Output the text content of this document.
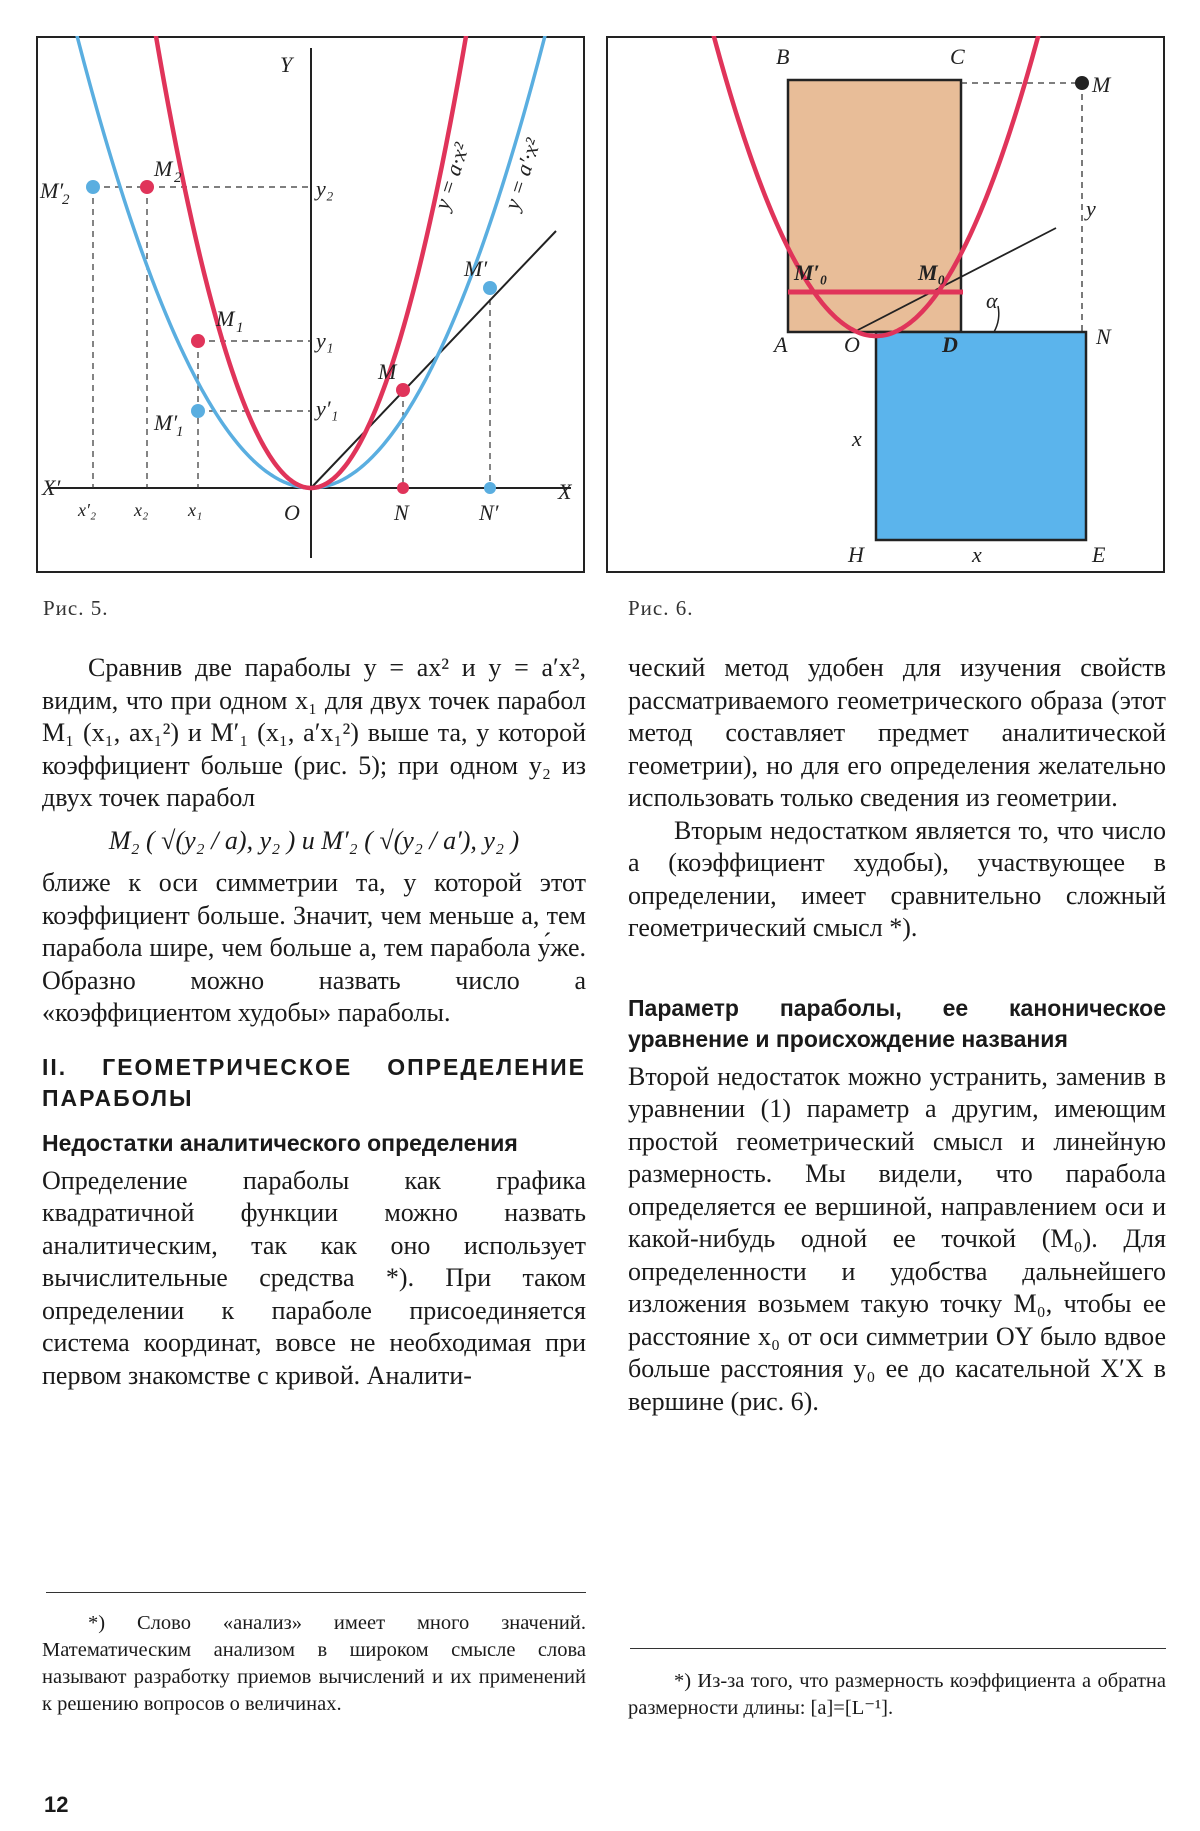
Y
X
X′
O	N	N′
M
M′
M 1
M′
1
M 2
M′
2	y₂
y₁
y′₁
x′₂ x₂ x₁
y = a·x² y = a′·x²
Рис. 5.
B	C
M
y
M′₀	M₀
α
A	O	D	N
x
H	x	E
Рис. 6.

Сравнив две параболы y = ax² и y = a′x², видим, что при одном x₁ для двух точек парабол M₁ (x₁, ax₁²) и M′₁ (x₁, a′x₁²) выше та, у которой коэффициент больше (рис. 5); при одном y₂ из двух точек парабол

M₂ ( √(y₂ / a), y₂ ) и M′₂ ( √(y₂ / a′), y₂ )

ближе к оси симметрии та, у которой этот коэффициент больше. Значит, чем меньше a, тем парабола шире, чем больше a, тем парабола у́же. Образно можно назвать число a «коэффициентом худобы» параболы.

II. ГЕОМЕТРИЧЕСКОЕ ОПРЕДЕЛЕНИЕ ПАРАБОЛЫ
Недостатки аналитического определения

Определение параболы как графика квадратичной функции можно назвать аналитическим, так как оно использует вычислительные средства *). При таком определении к параболе присоединяется система координат, вовсе не необходимая при первом знакомстве с кривой. Аналити-

ческий метод удобен для изучения свойств рассматриваемого геометрического образа (этот метод составляет предмет аналитической геометрии), но для его определения желательно использовать только сведения из геометрии.

Вторым недостатком является то, что число a (коэффициент худобы), участвующее в определении, имеет сравнительно сложный геометрический смысл *).

Параметр параболы, ее каноническое уравнение и происхождение названия

Второй недостаток можно устранить, заменив в уравнении (1) параметр a другим, имеющим простой геометрический смысл и линейную размерность. Мы видели, что парабола определяется ее вершиной, направлением оси и какой-нибудь одной ее точкой (M₀). Для определенности и удобства дальнейшего изложения возьмем такую точку M₀, чтобы ее расстояние x₀ от оси симметрии OY было вдвое больше расстояния y₀ ее до касательной X′X в вершине (рис. 6).

*) Слово «анализ» имеет много значений. Математическим анализом в широком смысле слова называют разработку приемов вычислений и их применений к решению вопросов о величинах.
*) Из-за того, что размерность коэффициента a обратна размерности длины: [a]=[L⁻¹].
12
